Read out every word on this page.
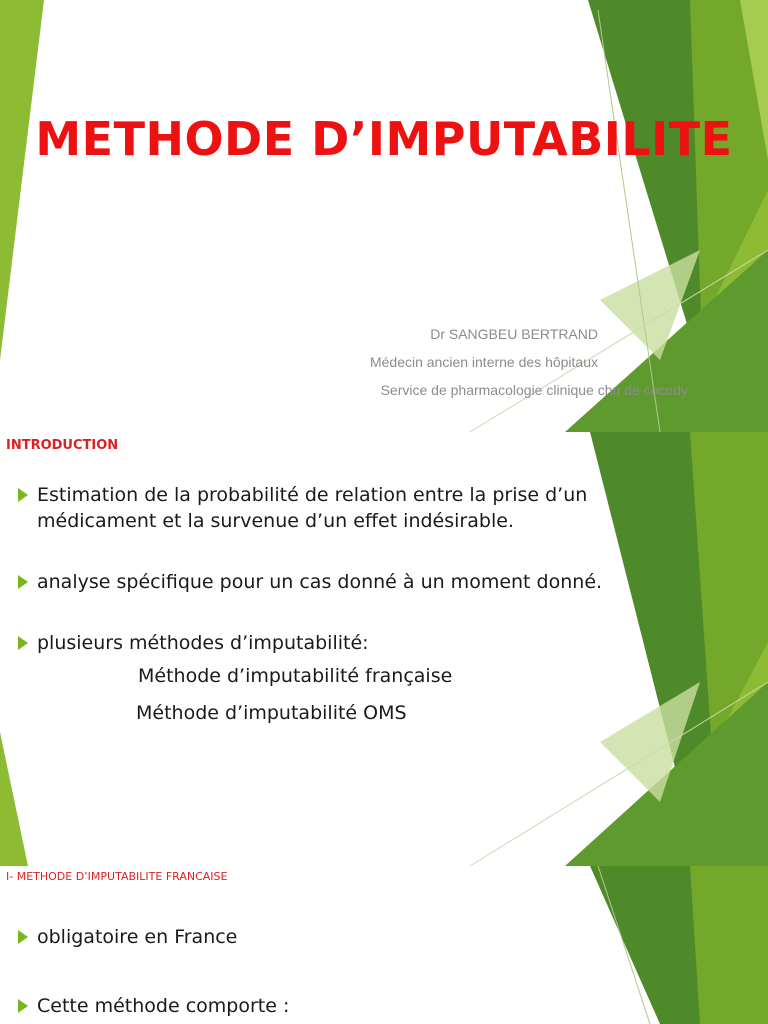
METHODE D’IMPUTABILITE
Dr SANGBEU BERTRAND
Médecin ancien interne des hôpitaux
Service de pharmacologie clinique chu de cocody
INTRODUCTION
Estimation de la probabilité de relation entre la prise d’un
médicament et la survenue d’un effet indésirable.
analyse spécifique pour un cas donné à un moment donné.
plusieurs méthodes d’imputabilité:
Méthode d’imputabilité française
Méthode d’imputabilité OMS
I- METHODE D’IMPUTABILITE FRANCAISE
obligatoire en France
Cette méthode comporte :
